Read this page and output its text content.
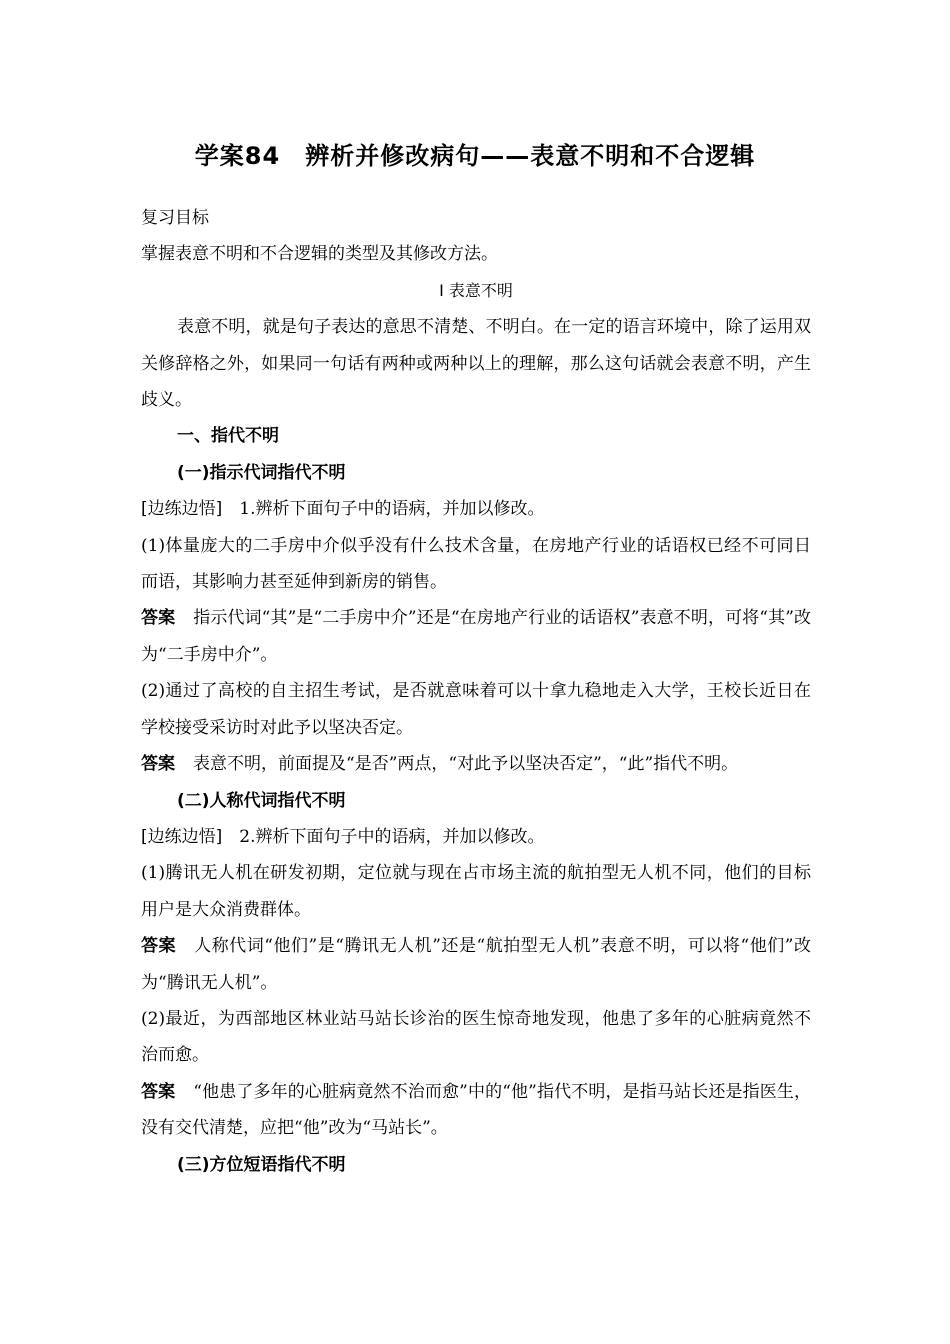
学案84　辨析并修改病句——表意不明和不合逻辑

复习目标

掌握表意不明和不合逻辑的类型及其修改方法。

Ⅰ 表意不明

表意不明，就是句子表达的意思不清楚、不明白。在一定的语言环境中，除了运用双关修辞格之外，如果同一句话有两种或两种以上的理解，那么这句话就会表意不明，产生歧义。

一、指代不明

(一)指示代词指代不明

[边练边悟]　 1.辨析下面句子中的语病，并加以修改。

(1)体量庞大的二手房中介似乎没有什么技术含量，在房地产行业的话语权已经不可同日而语，其影响力甚至延伸到新房的销售。

答案 指示代词“其”是“二手房中介”还是“在房地产行业的话语权”表意不明，可将“其”改为“二手房中介”。

(2)通过了高校的自主招生考试，是否就意味着可以十拿九稳地走入大学，王校长近日在学校接受采访时对此予以坚决否定。

答案 表意不明，前面提及“是否”两点，“对此予以坚决否定”，“此”指代不明。

(二)人称代词指代不明

[边练边悟]　 2.辨析下面句子中的语病，并加以修改。

(1)腾讯无人机在研发初期，定位就与现在占市场主流的航拍型无人机不同，他们的目标用户是大众消费群体。

答案 人称代词“他们”是“腾讯无人机”还是“航拍型无人机”表意不明，可以将“他们”改为“腾讯无人机”。

(2)最近，为西部地区林业站马站长诊治的医生惊奇地发现，他患了多年的心脏病竟然不治而愈。

答案 “他患了多年的心脏病竟然不治而愈”中的“他”指代不明，是指马站长还是指医生，没有交代清楚，应把“他”改为“马站长”。

(三)方位短语指代不明
